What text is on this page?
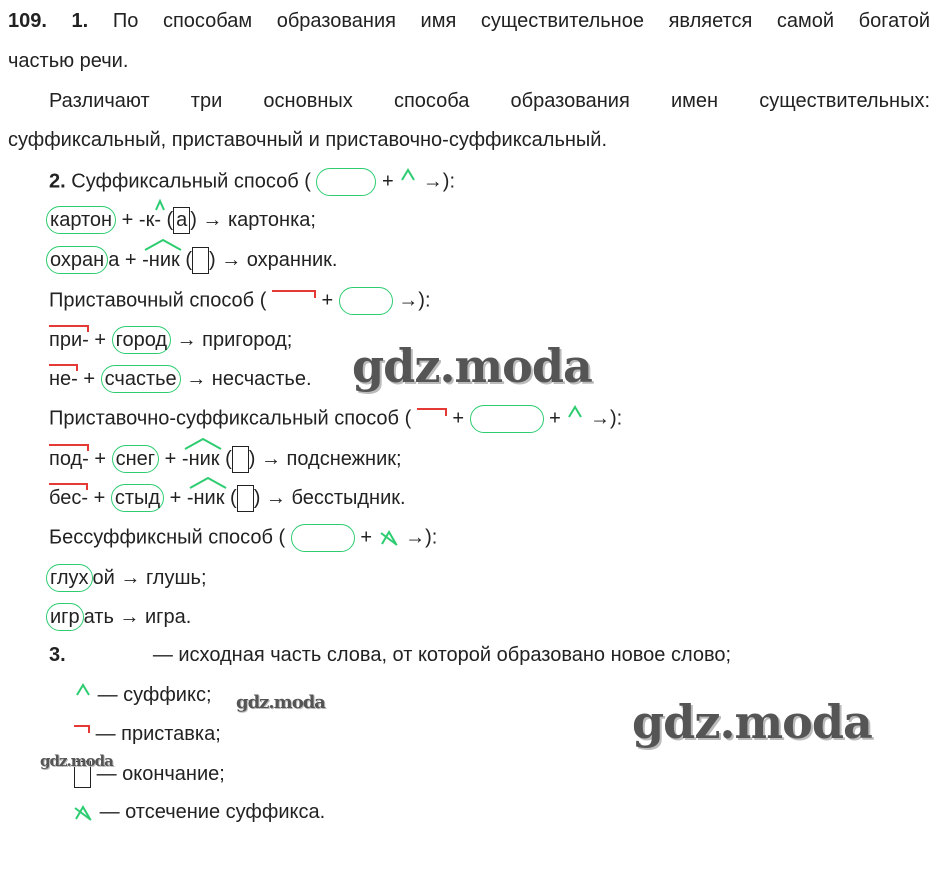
109. 1. По способам образования имя существительное является самой богатой
частью речи.
Различают три основных способа образования имен существительных:
суффиксальный, приставочный и приставочно-суффиксальный.
2. Суффиксальный способ (	+ →):
картон + -к- ( а ) → картонка;
охран а + -ник ( ) → охранник.
Приставочный способ (	+	→):
при- + город → пригород;
не- + счастье → несчастье.
Приставочно-суффиксальный способ ( +	+ →):
под- + снег + -ник ( ) → подснежник;
бес- + стыд + -ник ( ) → бесстыдник.
Бессуффиксный способ (	+ →):
глух ой → глушь;
игр ать → игра.
3.	— исходная часть слова, от которой образовано новое слово;
— суффикс;
— приставка;
— окончание;
— отсечение суффикса.
gdz.moda
gdz.moda
gdz.moda
gdz.moda
